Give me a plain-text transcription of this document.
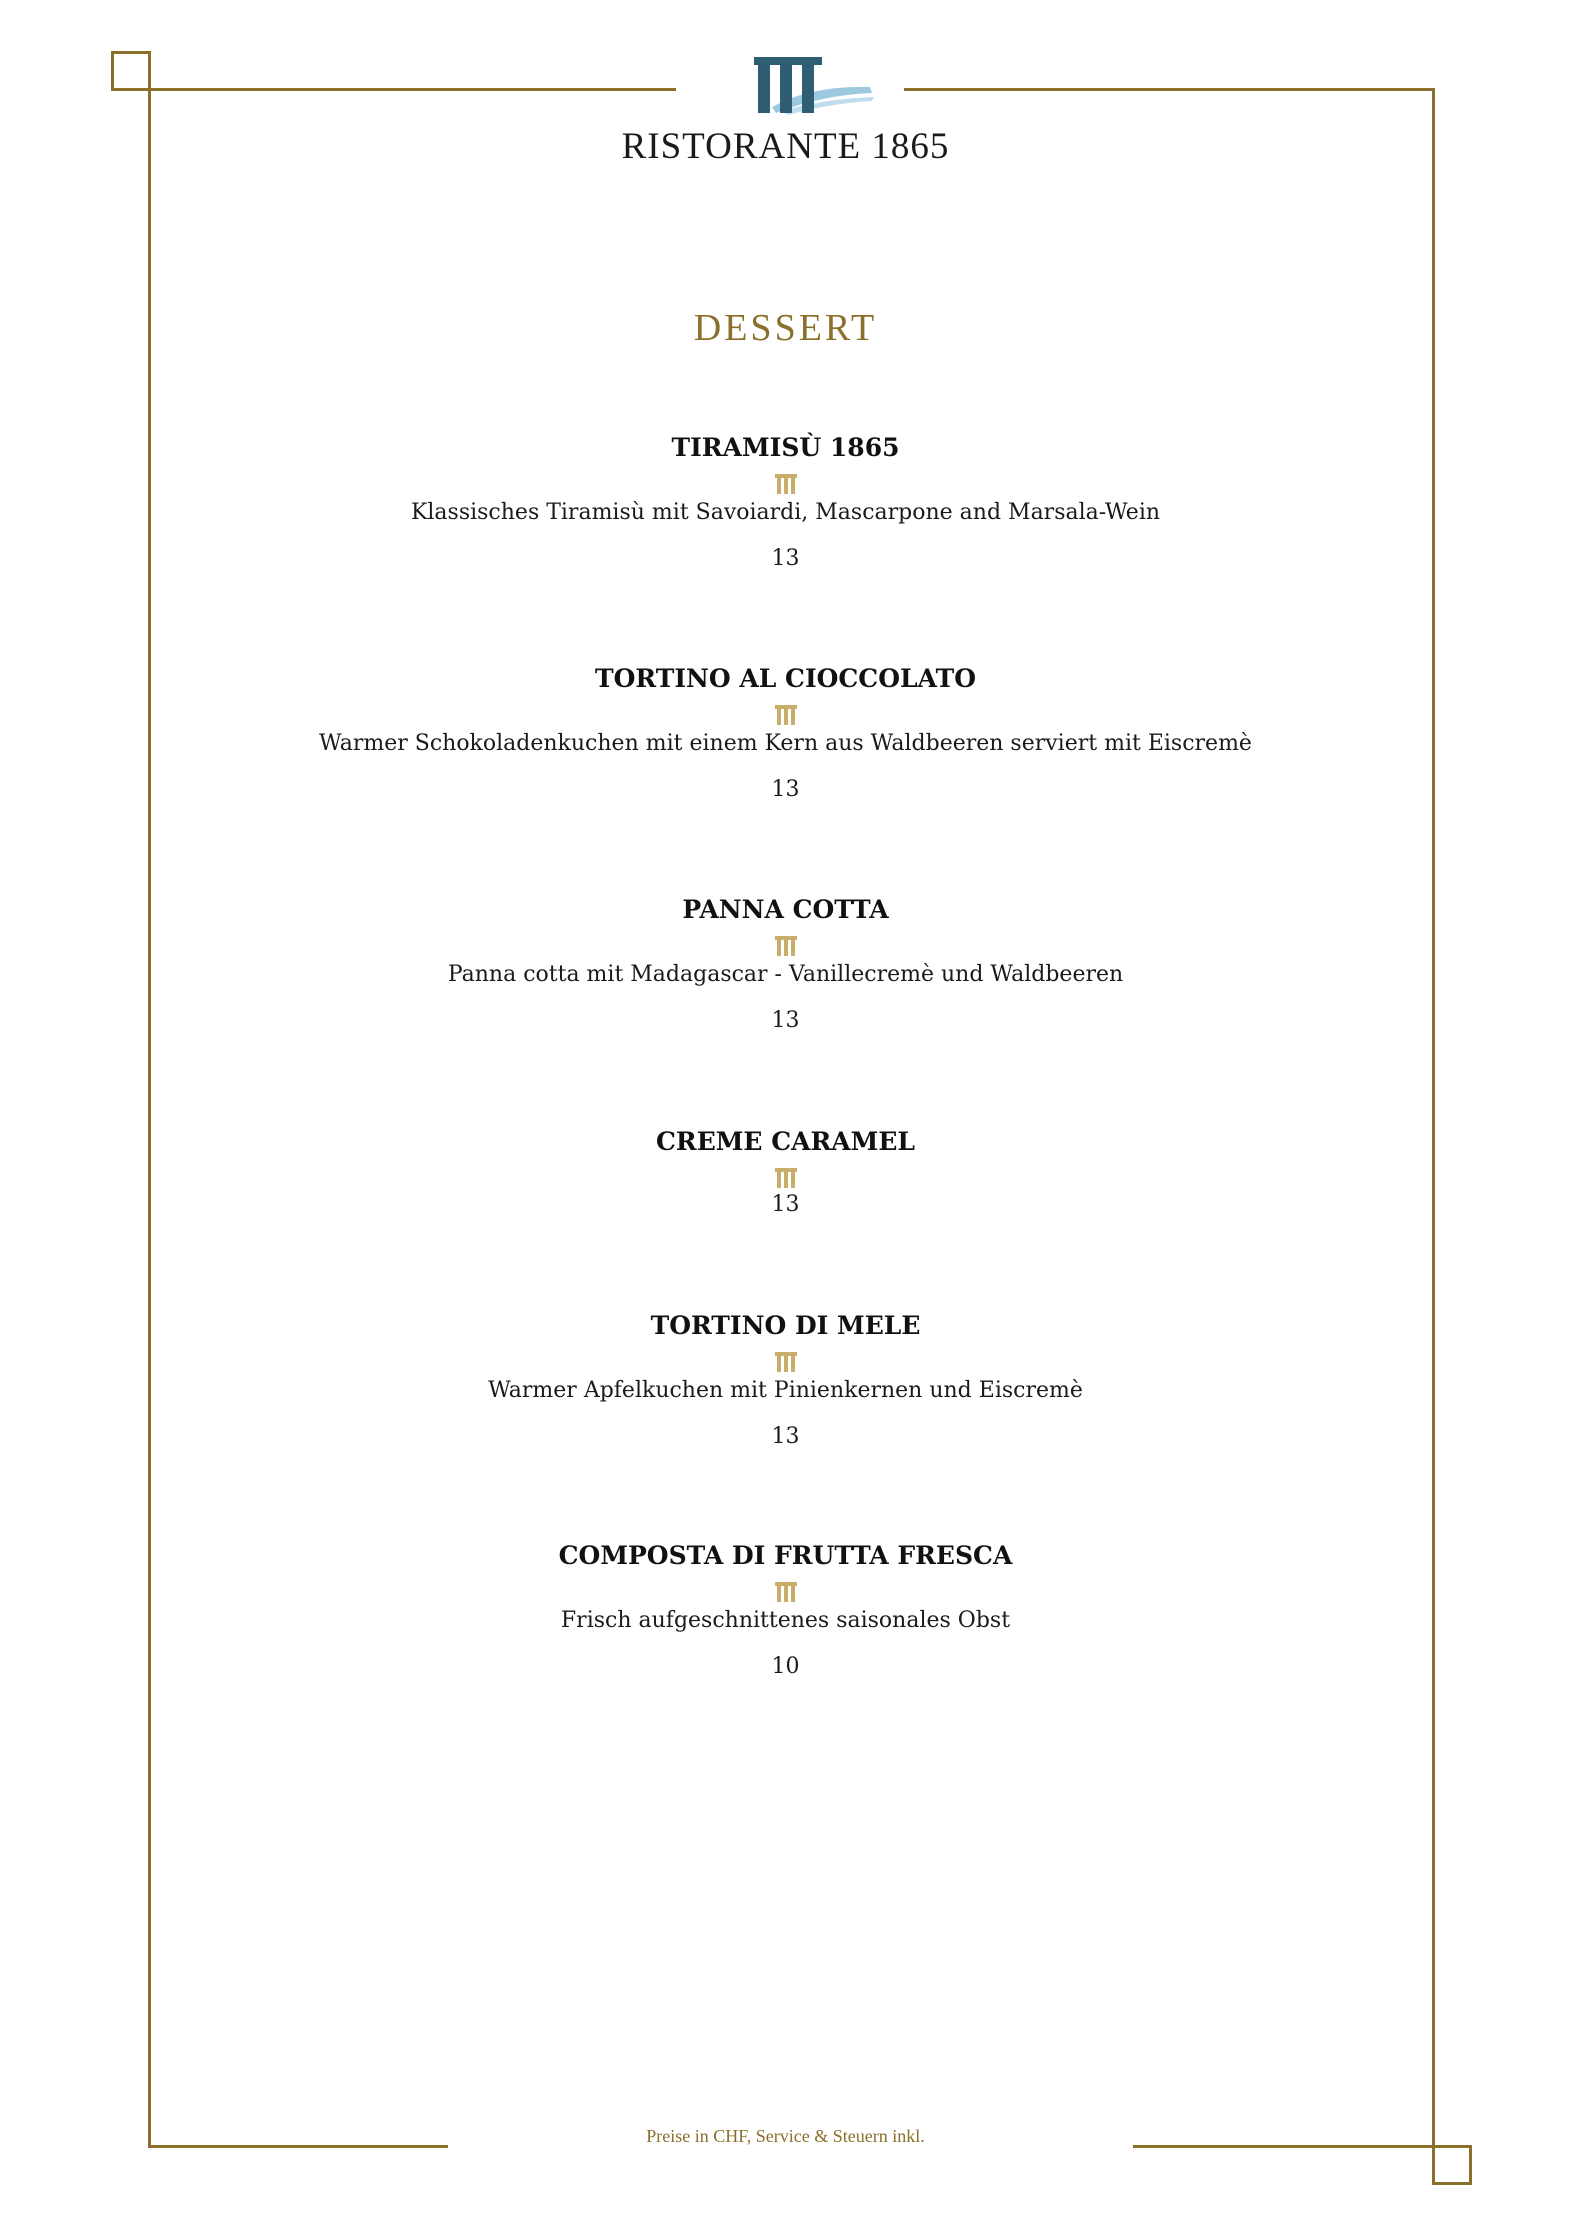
RISTORANTE 1865
DESSERT
TIRAMISÙ 1865
Klassisches Tiramisù mit Savoiardi, Mascarpone and Marsala-Wein
13
TORTINO AL CIOCCOLATO
Warmer Schokoladenkuchen mit einem Kern aus Waldbeeren serviert mit Eiscremè
13
PANNA COTTA
Panna cotta mit Madagascar - Vanillecremè und Waldbeeren
13
CREME CARAMEL
13
TORTINO DI MELE
Warmer Apfelkuchen mit Pinienkernen und Eiscremè
13
COMPOSTA DI FRUTTA FRESCA
Frisch aufgeschnittenes saisonales Obst
10
Preise in CHF, Service & Steuern inkl.
